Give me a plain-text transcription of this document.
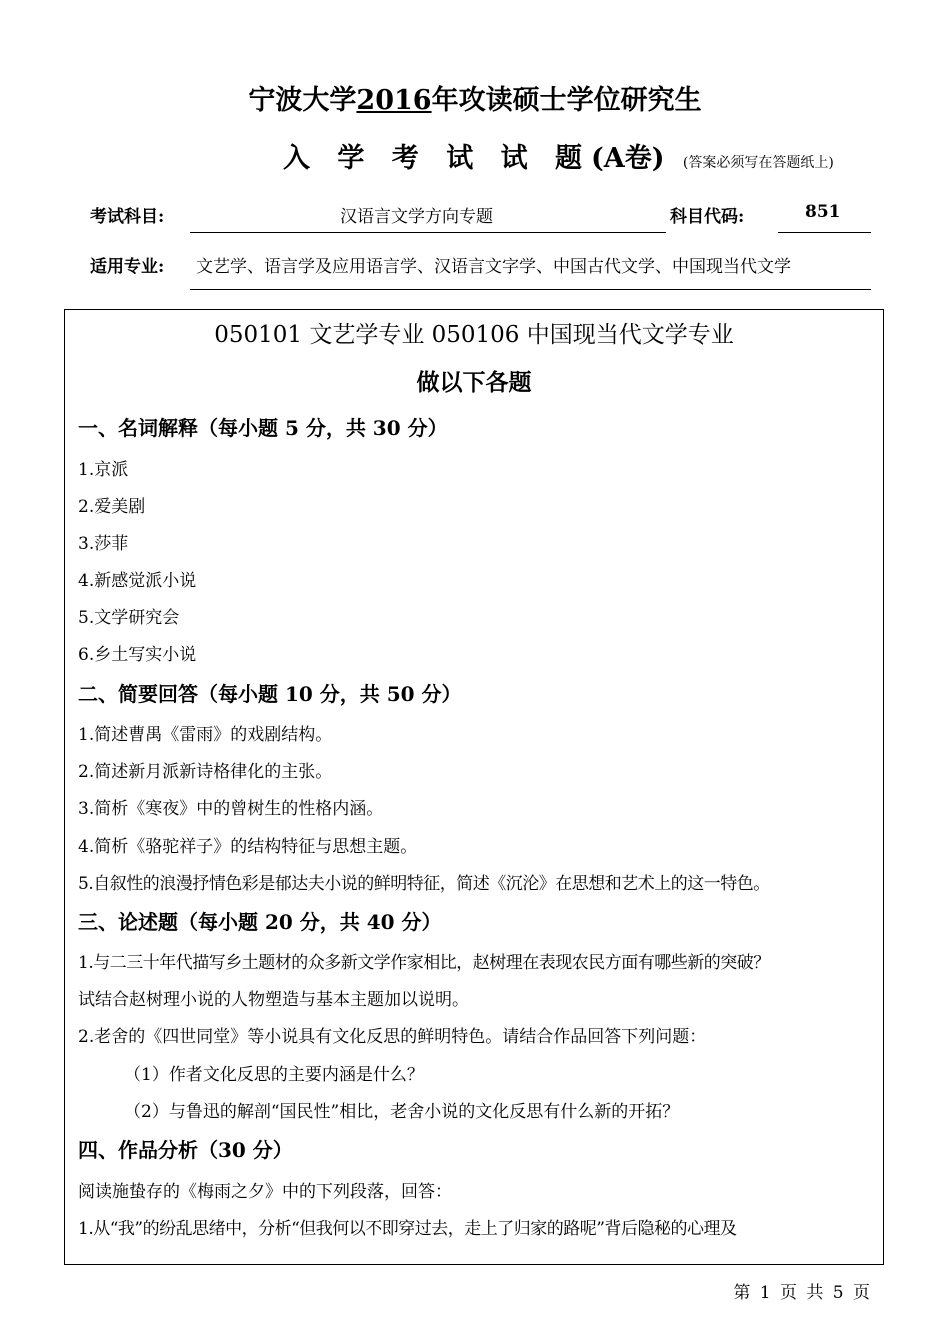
宁波大学2016年攻读硕士学位研究生
入 学 考 试 试 题(A卷) (答案必须写在答题纸上)
考试科目:	汉语言文学方向专题	科目代码:	851
适用专业: 文艺学、语言学及应用语言学、汉语言文字学、中国古代文学、中国现当代文学
050101 文艺学专业 050106 中国现当代文学专业
做以下各题
一、名词解释（每小题 5 分，共 30 分）
1.京派
2.爱美剧
3.莎菲
4.新感觉派小说
5.文学研究会
6.乡土写实小说
二、简要回答（每小题 10 分，共 50 分）
1.简述曹禺《雷雨》的戏剧结构。
2.简述新月派新诗格律化的主张。
3.简析《寒夜》中的曾树生的性格内涵。
4.简析《骆驼祥子》的结构特征与思想主题。
5.自叙性的浪漫抒情色彩是郁达夫小说的鲜明特征，简述《沉沦》在思想和艺术上的这一特色。
三、论述题（每小题 20 分，共 40 分）
1.与二三十年代描写乡土题材的众多新文学作家相比，赵树理在表现农民方面有哪些新的突破？
试结合赵树理小说的人物塑造与基本主题加以说明。
2.老舍的《四世同堂》等小说具有文化反思的鲜明特色。请结合作品回答下列问题：
（1）作者文化反思的主要内涵是什么？
（2）与鲁迅的解剖“国民性”相比，老舍小说的文化反思有什么新的开拓？
四、作品分析（30 分）
阅读施蛰存的《梅雨之夕》中的下列段落，回答：
1.从“我”的纷乱思绪中，分析“但我何以不即穿过去，走上了归家的路呢”背后隐秘的心理及
第 1 页 共 5 页
